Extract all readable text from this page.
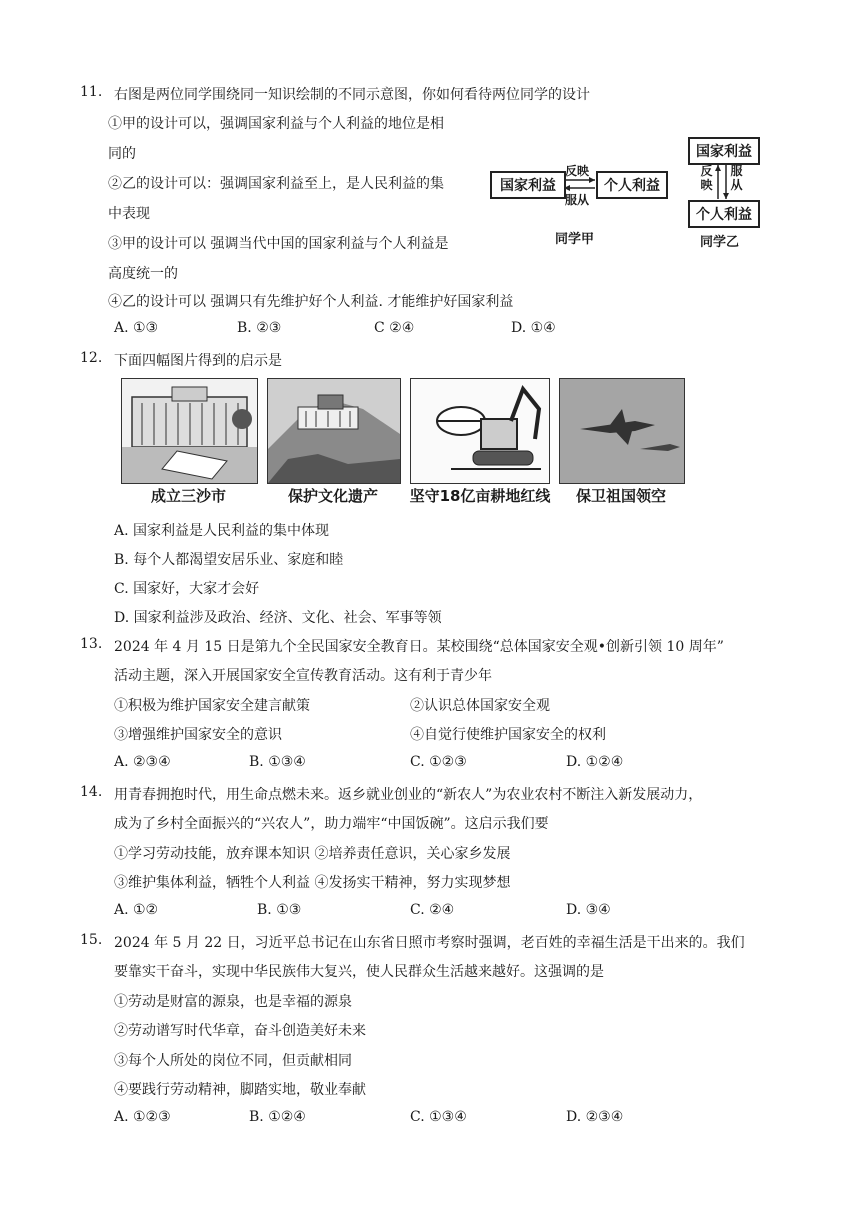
11. 右图是两位同学围绕同一知识绘制的不同示意图，你如何看待两位同学的设计
①甲的设计可以，强调国家利益与个人利益的地位是相
同的
②乙的设计可以：强调国家利益至上，是人民利益的集
中表现
③甲的设计可以 强调当代中国的国家利益与个人利益是
高度统一的
④乙的设计可以 强调只有先维护好个人利益. 才能维护好国家利益
A. ①③	B. ②③	C ②④	D. ①④
国家利益	个人利益
反映
服从
同学甲
国家利益
个人利益
反映
服从
同学乙
12. 下面四幅图片得到的启示是
成立三沙市	保护文化遗产	坚守18亿亩耕地红线	保卫祖国领空
A. 国家利益是人民利益的集中体现
B. 每个人都渴望安居乐业、家庭和睦
C. 国家好，大家才会好
D. 国家利益涉及政治、经济、文化、社会、军事等领
13. 2024 年 4 月 15 日是第九个全民国家安全教育日。某校围绕“总体国家安全观•创新引领 10 周年”
活动主题，深入开展国家安全宣传教育活动。这有利于青少年
①积极为维护国家安全建言献策	②认识总体国家安全观
③增强维护国家安全的意识	④自觉行使维护国家安全的权利
A. ②③④	B. ①③④	C. ①②③	D. ①②④
14. 用青春拥抱时代，用生命点燃未来。返乡就业创业的“新农人”为农业农村不断注入新发展动力，
成为了乡村全面振兴的“兴农人”，助力端牢“中国饭碗”。这启示我们要
①学习劳动技能，放弃课本知识 ②培养责任意识，关心家乡发展
③维护集体利益，牺牲个人利益 ④发扬实干精神，努力实现梦想
A. ①②	B. ①③	C. ②④	D. ③④
15. 2024 年 5 月 22 日，习近平总书记在山东省日照市考察时强调，老百姓的幸福生活是干出来的。我们
要靠实干奋斗，实现中华民族伟大复兴，使人民群众生活越来越好。这强调的是
①劳动是财富的源泉，也是幸福的源泉
②劳动谱写时代华章，奋斗创造美好未来
③每个人所处的岗位不同，但贡献相同
④要践行劳动精神，脚踏实地，敬业奉献
A. ①②③	B. ①②④	C. ①③④	D. ②③④
